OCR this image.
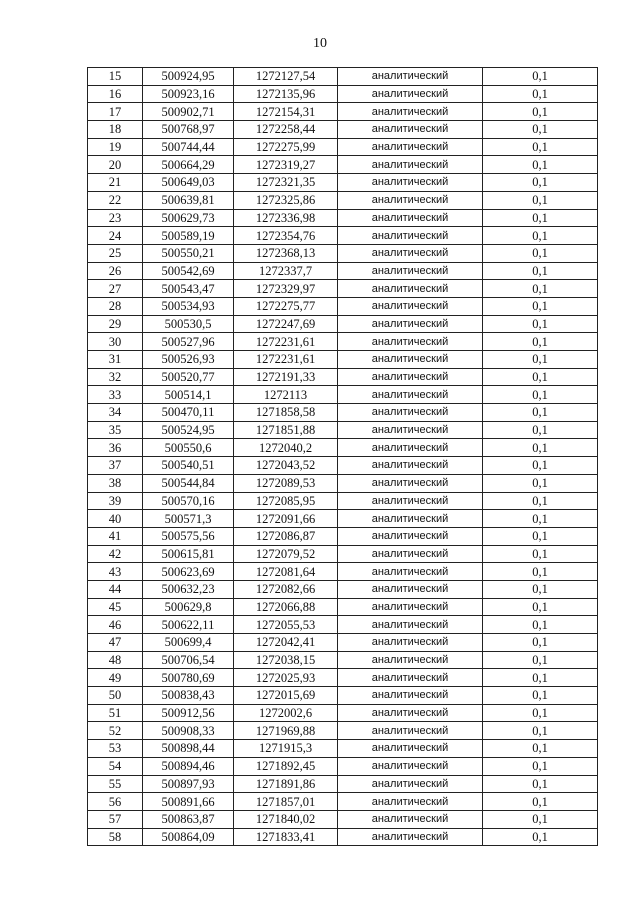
10
15	500924,95	1272127,54	аналитический	0,1
16	500923,16	1272135,96	аналитический	0,1
17	500902,71	1272154,31	аналитический	0,1
18	500768,97	1272258,44	аналитический	0,1
19	500744,44	1272275,99	аналитический	0,1
20	500664,29	1272319,27	аналитический	0,1
21	500649,03	1272321,35	аналитический	0,1
22	500639,81	1272325,86	аналитический	0,1
23	500629,73	1272336,98	аналитический	0,1
24	500589,19	1272354,76	аналитический	0,1
25	500550,21	1272368,13	аналитический	0,1
26	500542,69	1272337,7	аналитический	0,1
27	500543,47	1272329,97	аналитический	0,1
28	500534,93	1272275,77	аналитический	0,1
29	500530,5	1272247,69	аналитический	0,1
30	500527,96	1272231,61	аналитический	0,1
31	500526,93	1272231,61	аналитический	0,1
32	500520,77	1272191,33	аналитический	0,1
33	500514,1	1272113	аналитический	0,1
34	500470,11	1271858,58	аналитический	0,1
35	500524,95	1271851,88	аналитический	0,1
36	500550,6	1272040,2	аналитический	0,1
37	500540,51	1272043,52	аналитический	0,1
38	500544,84	1272089,53	аналитический	0,1
39	500570,16	1272085,95	аналитический	0,1
40	500571,3	1272091,66	аналитический	0,1
41	500575,56	1272086,87	аналитический	0,1
42	500615,81	1272079,52	аналитический	0,1
43	500623,69	1272081,64	аналитический	0,1
44	500632,23	1272082,66	аналитический	0,1
45	500629,8	1272066,88	аналитический	0,1
46	500622,11	1272055,53	аналитический	0,1
47	500699,4	1272042,41	аналитический	0,1
48	500706,54	1272038,15	аналитический	0,1
49	500780,69	1272025,93	аналитический	0,1
50	500838,43	1272015,69	аналитический	0,1
51	500912,56	1272002,6	аналитический	0,1
52	500908,33	1271969,88	аналитический	0,1
53	500898,44	1271915,3	аналитический	0,1
54	500894,46	1271892,45	аналитический	0,1
55	500897,93	1271891,86	аналитический	0,1
56	500891,66	1271857,01	аналитический	0,1
57	500863,87	1271840,02	аналитический	0,1
58	500864,09	1271833,41	аналитический	0,1
